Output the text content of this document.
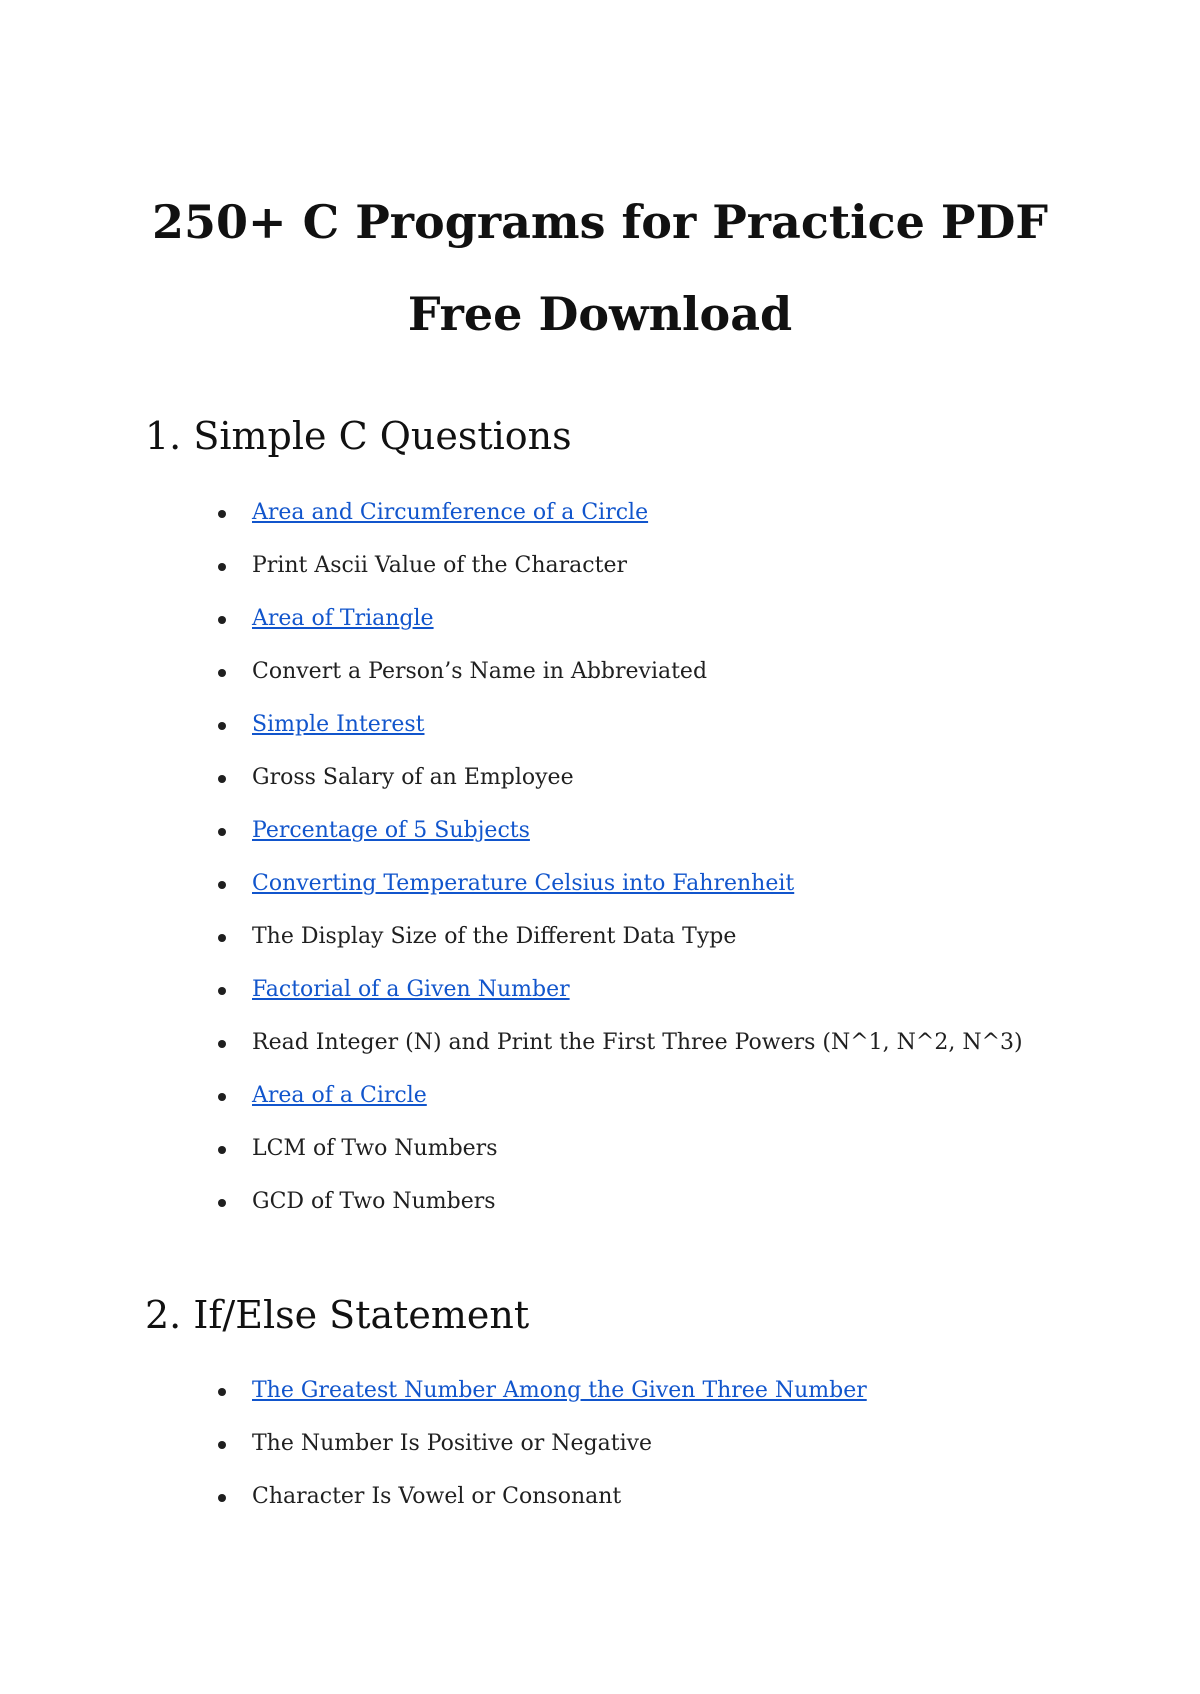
250+ C Programs for Practice PDF
Free Download
1. Simple C Questions
Area and Circumference of a Circle
Print Ascii Value of the Character
Area of Triangle
Convert a Person’s Name in Abbreviated
Simple Interest
Gross Salary of an Employee
Percentage of 5 Subjects
Converting Temperature Celsius into Fahrenheit
The Display Size of the Different Data Type
Factorial of a Given Number
Read Integer (N) and Print the First Three Powers (N^1, N^2, N^3)
Area of a Circle
LCM of Two Numbers
GCD of Two Numbers
2. If/Else Statement
The Greatest Number Among the Given Three Number
The Number Is Positive or Negative
Character Is Vowel or Consonant
